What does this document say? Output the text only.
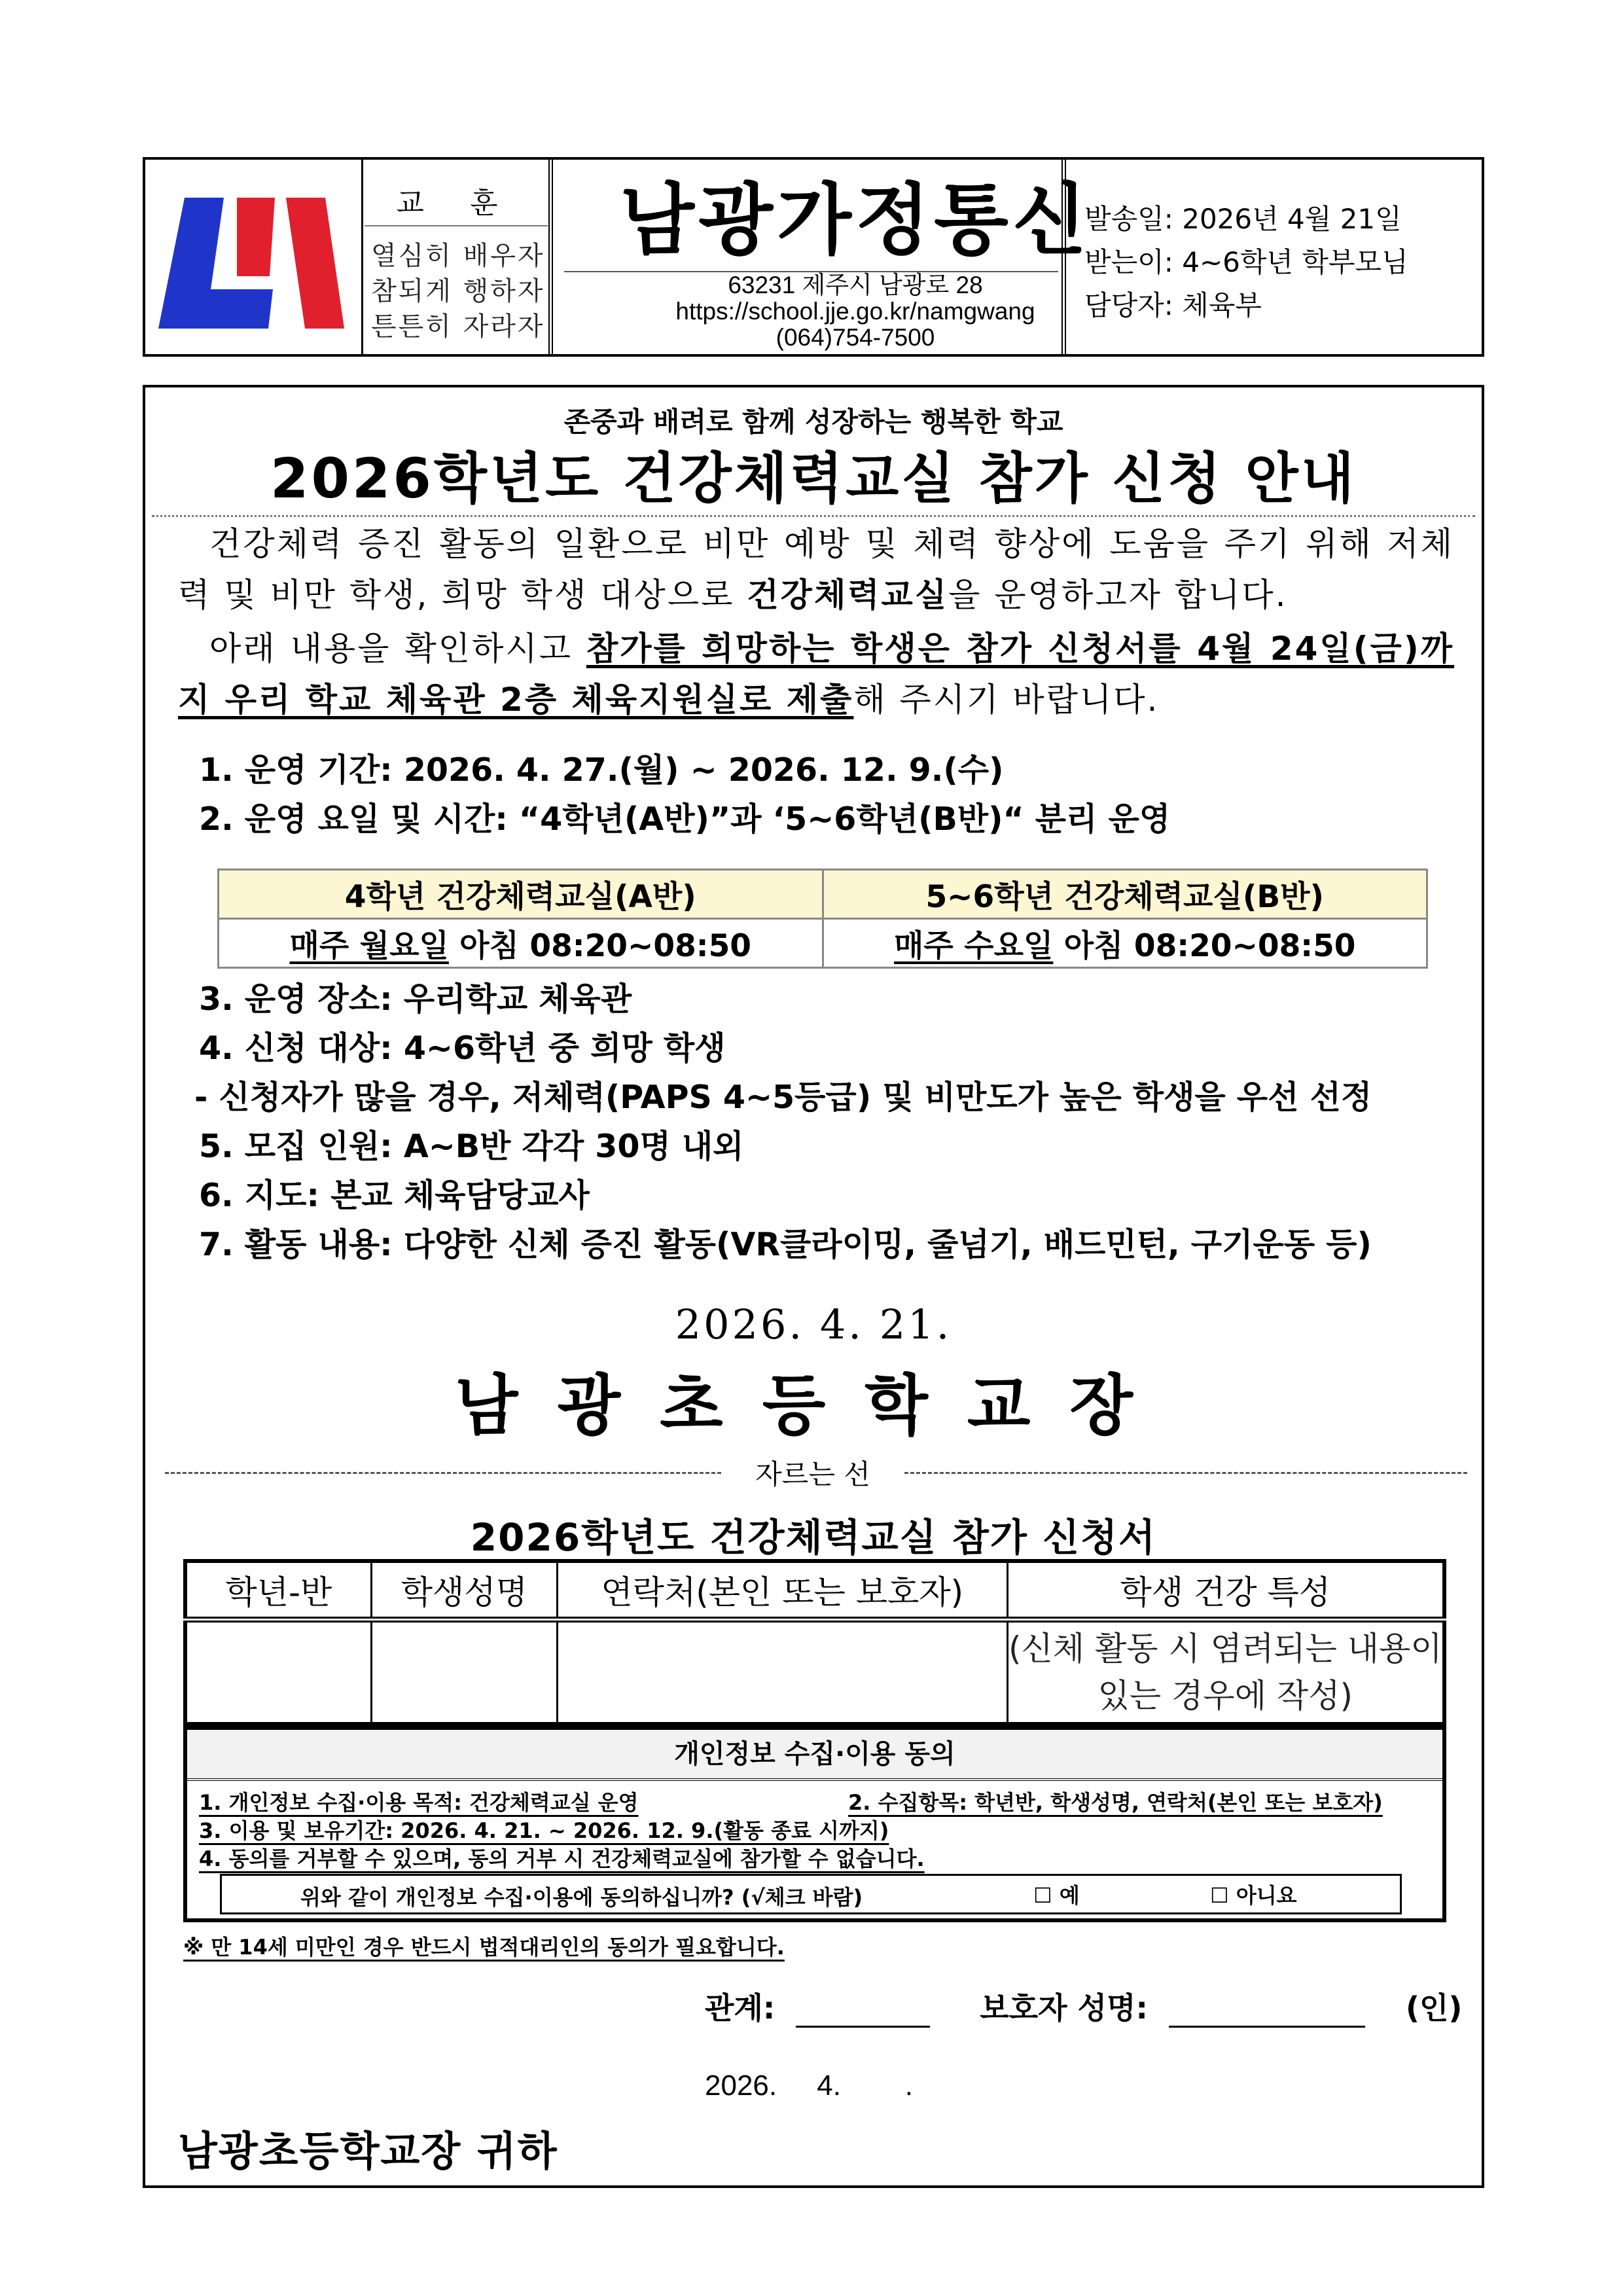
교 훈
열심히 배우자
참되게 행하자
튼튼히 자라자
남광가정통신
63231 제주시 남광로 28
https://school.jje.go.kr/namgwang
(064)754-7500
발송일: 2026년 4월 21일
받는이: 4~6학년 학부모님
담당자: 체육부
존중과 배려로 함께 성장하는 행복한 학교
2026학년도 건강체력교실 참가 신청 안내
건강체력 증진 활동의 일환으로 비만 예방 및 체력 향상에 도움을 주기 위해 저체력 및 비만 학생, 희망 학생 대상으로 건강체력교실을 운영하고자 합니다.
아래 내용을 확인하시고 참가를 희망하는 학생은 참가 신청서를 4월 24일(금)까지 우리 학교 체육관 2층 체육지원실로 제출해 주시기 바랍니다.
1. 운영 기간: 2026. 4. 27.(월) ~ 2026. 12. 9.(수)
2. 운영 요일 및 시간: “4학년(A반)”과 ‘5~6학년(B반)“ 분리 운영
4학년 건강체력교실(A반)	5~6학년 건강체력교실(B반)
매주 월요일 아침 08:20~08:50	매주 수요일 아침 08:20~08:50
3. 운영 장소: 우리학교 체육관
4. 신청 대상: 4~6학년 중 희망 학생
- 신청자가 많을 경우, 저체력(PAPS 4~5등급) 및 비만도가 높은 학생을 우선 선정
5. 모집 인원: A~B반 각각 30명 내외
6. 지도: 본교 체육담당교사
7. 활동 내용: 다양한 신체 증진 활동(VR클라이밍, 줄넘기, 배드민턴, 구기운동 등)
2026. 4. 21.
남광초등학교장
자르는 선
2026학년도 건강체력교실 참가 신청서
학년-반	학생성명	연락처(본인 또는 보호자)	학생 건강 특성
			(신체 활동 시 염려되는 내용이 있는 경우에 작성)
개인정보 수집·이용 동의
1. 개인정보 수집·이용 목적: 건강체력교실 운영	2. 수집항목: 학년반, 학생성명, 연락처(본인 또는 보호자)
3. 이용 및 보유기간: 2026. 4. 21. ~ 2026. 12. 9.(활동 종료 시까지)
4. 동의를 거부할 수 있으며, 동의 거부 시 건강체력교실에 참가할 수 없습니다.
위와 같이 개인정보 수집·이용에 동의하십니까? (√체크 바람)	☐ 예	☐ 아니요
※ 만 14세 미만인 경우 반드시 법적대리인의 동의가 필요합니다.
관계:	보호자 성명:	(인)
2026.     4.        .
남광초등학교장 귀하
